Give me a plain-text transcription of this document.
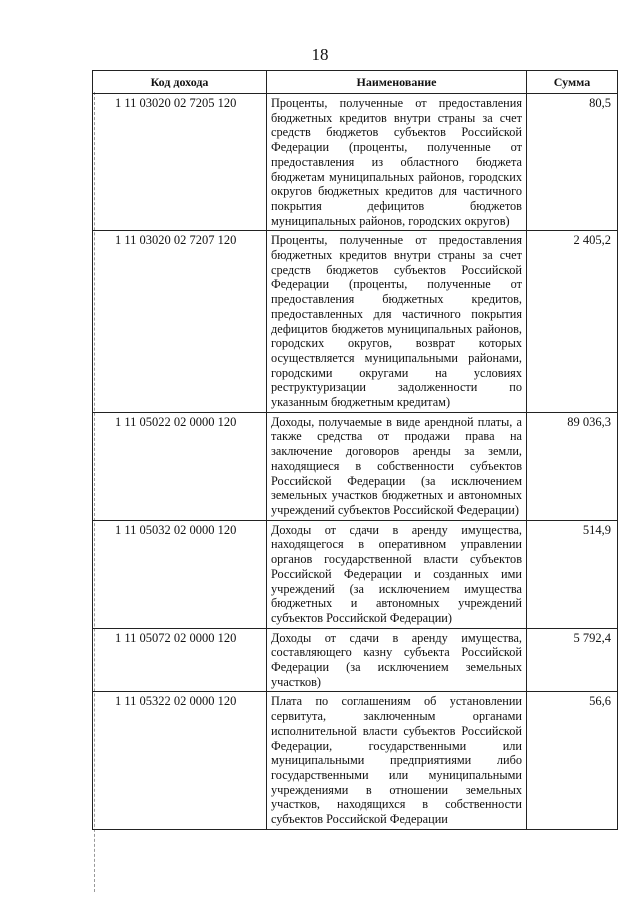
18
Код дохода	Наименование	Сумма
1 11 03020 02 7205 120	Проценты, полученные от предоставления бюджетных кредитов внутри страны за счет средств бюджетов субъектов Российской Федерации (проценты, полученные от предоставления из областного бюджета бюджетам муниципальных районов, городских округов бюджетных кредитов для частичного покрытия дефицитов бюджетов муниципальных районов, городских округов)	80,5
1 11 03020 02 7207 120	Проценты, полученные от предоставления бюджетных кредитов внутри страны за счет средств бюджетов субъектов Российской Федерации (проценты, полученные от предоставления бюджетных кредитов, предоставленных для частичного покрытия дефицитов бюджетов муниципальных районов, городских округов, возврат которых осуществляется муниципальными районами, городскими округами на условиях реструктуризации задолженности по указанным бюджетным кредитам)	2 405,2
1 11 05022 02 0000 120	Доходы, получаемые в виде арендной платы, а также средства от продажи права на заключение договоров аренды за земли, находящиеся в собственности субъектов Российской Федерации (за исключением земельных участков бюджетных и автономных учреждений субъектов Российской Федерации)	89 036,3
1 11 05032 02 0000 120	Доходы от сдачи в аренду имущества, находящегося в оперативном управлении органов государственной власти субъектов Российской Федерации и созданных ими учреждений (за исключением имущества бюджетных и автономных учреждений субъектов Российской Федерации)	514,9
1 11 05072 02 0000 120	Доходы от сдачи в аренду имущества, составляющего казну субъекта Российской Федерации (за исключением земельных участков)	5 792,4
1 11 05322 02 0000 120	Плата по соглашениям об установлении сервитута, заключенным органами исполнительной власти субъектов Российской Федерации, государственными или муниципальными предприятиями либо государственными или муниципальными учреждениями в отношении земельных участков, находящихся в собственности субъектов Российской Федерации	56,6
